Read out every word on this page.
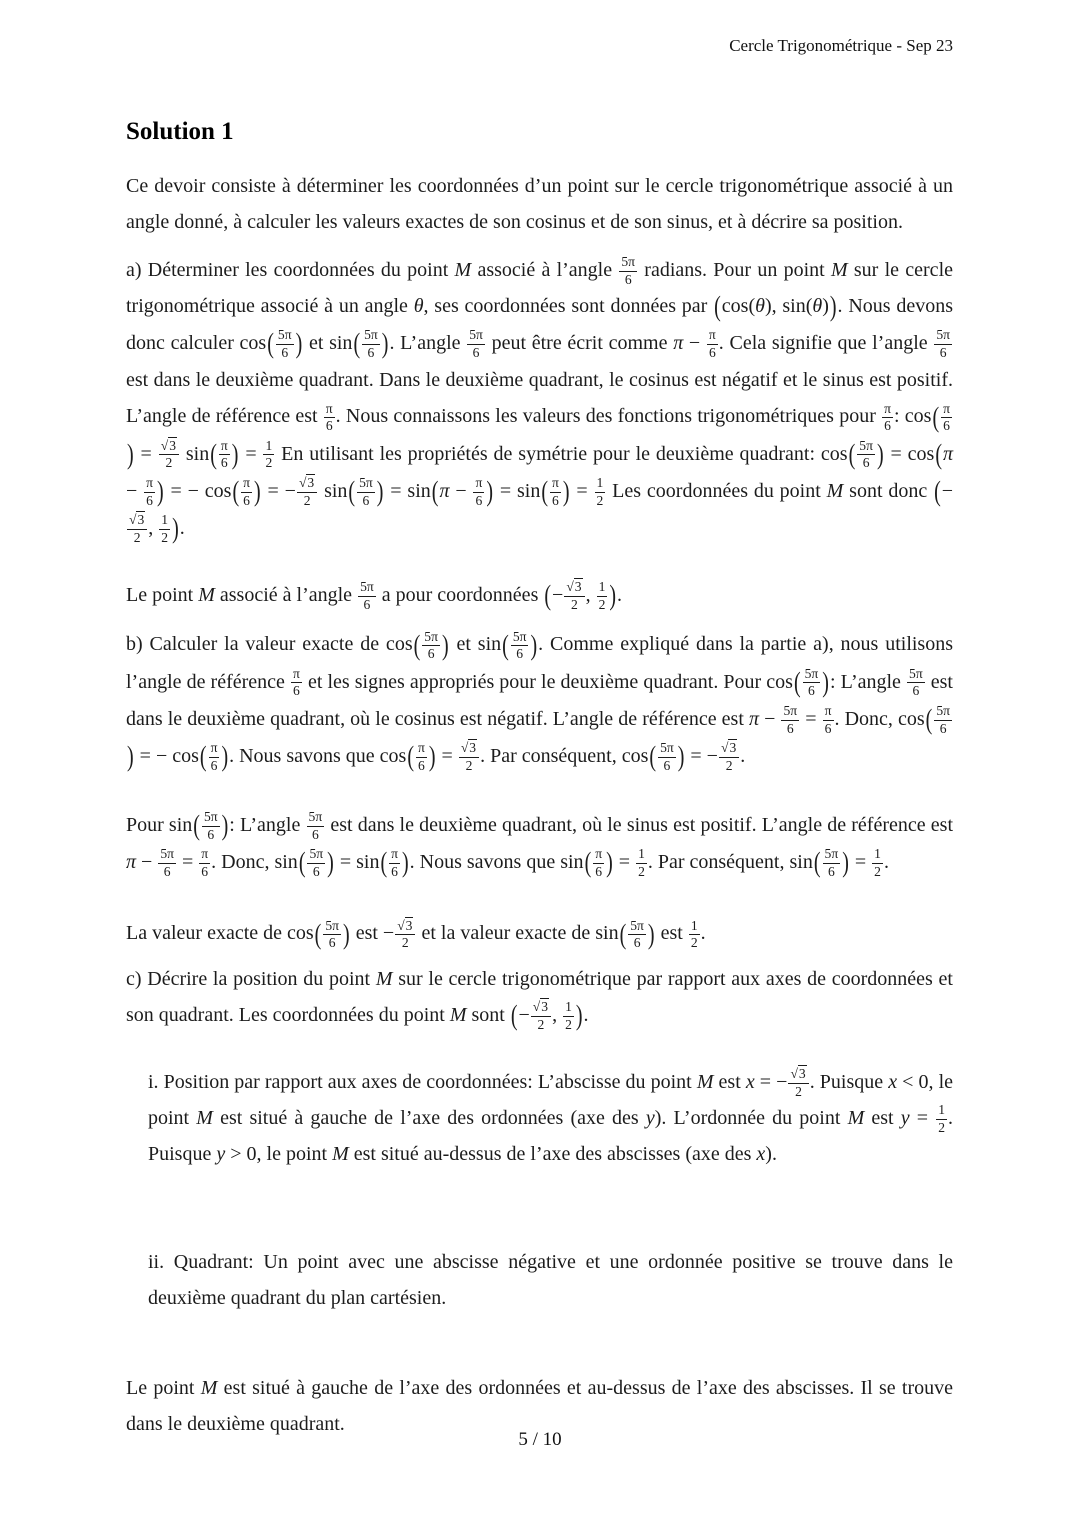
Cercle Trigonométrique - Sep 23
Solution 1

Ce devoir consiste à déterminer les coordonnées d’un point sur le cercle trigonométrique associé à un angle donné, à calculer les valeurs exactes de son cosinus et de son sinus, et à décrire sa position.

a) Déterminer les coordonnées du point M associé à l’angle $\frac{5\pi}{6}$ radians. Pour un point M sur le cercle trigonométrique associé à un angle θ, ses coordonnées sont données par (cos(θ), sin(θ)). Nous devons donc calculer $\cos( \frac{5\pi}{6}$ ) et $\sin( \frac{5\pi}{6}$ ). L’angle $\frac{5\pi}{6}$ peut être écrit comme $\pi - \frac{\pi}{6}$ . Cela signifie que l’angle $\frac{5\pi}{6}$
est dans le deuxième quadrant. Dans le deuxième quadrant, le cosinus est négatif et le sinus est positif. L’angle de référence est $\frac{\pi}{6}$ . Nous connaissons les valeurs des fonctions trigonométriques pour $\frac{\pi}{6}$ : $\cos( \frac{\pi}{6}$
) = $\frac{√3}{2} \sin( \frac{\pi}{6}$ ) = $\frac{1}{2}$ En utilisant les propriétés de symétrie pour le deuxième quadrant: $\cos( \frac{5\pi}{6}$ ) = $\cos(\pi - \frac{\pi}{6}$ ) = − $\cos( \frac{\pi}{6}$ ) = − $\frac{√3}{2} \sin( \frac{5\pi}{6}$ ) = $\sin(\pi - \frac{\pi}{6}$ ) = $\sin( \frac{\pi}{6}$ ) = $\frac{1}{2}$ Les coordonnées du point M sont donc (−
$\frac{√3}{2}$ , $\frac{1}{2}$ ).

Le point M associé à l’angle $\frac{5\pi}{6}$ a pour coordonnées (− $\frac{√3}{2}$ , $\frac{1}{2}$ ).

b) Calculer la valeur exacte de $\cos( \frac{5\pi}{6}$ ) et $\sin( \frac{5\pi}{6}$ ). Comme expliqué dans la partie a), nous utilisons l’angle de référence $\frac{\pi}{6}$ et les signes appropriés pour le deuxième quadrant. Pour $\cos( \frac{5\pi}{6}$ ): L’angle $\frac{5\pi}{6}$ est dans le deuxième quadrant, où le cosinus est négatif. L’angle de référence est $\pi - \frac{5\pi}{6} = \frac{\pi}{6}$ . Donc, $\cos( \frac{5\pi}{6}$
) = − $\cos( \frac{\pi}{6}$ ). Nous savons que $\cos( \frac{\pi}{6}$ ) = $\frac{√3}{2}$ . Par conséquent, $\cos( \frac{5\pi}{6}$ ) = − $\frac{√3}{2}$ .

Pour $\sin( \frac{5\pi}{6}$ ): L’angle $\frac{5\pi}{6}$ est dans le deuxième quadrant, où le sinus est positif. L’angle de référence est $\pi - \frac{5\pi}{6} = \frac{\pi}{6}$ . Donc, $\sin( \frac{5\pi}{6}$ ) = $\sin( \frac{\pi}{6}$ ). Nous savons que $\sin( \frac{\pi}{6}$ ) = $\frac{1}{2}$ . Par conséquent, $\sin( \frac{5\pi}{6}$ ) = $\frac{1}{2}$ .

La valeur exacte de $\cos( \frac{5\pi}{6}$ ) est − $\frac{√3}{2}$ et la valeur exacte de $\sin( \frac{5\pi}{6}$ ) est $\frac{1}{2}$ .

c) Décrire la position du point M sur le cercle trigonométrique par rapport aux axes de coordonnées et son quadrant. Les coordonnées du point M sont (− $\frac{√3}{2}$ , $\frac{1}{2}$ ).

i. Position par rapport aux axes de coordonnées: L’abscisse du point M est x = − $\frac{√3}{2}$ . Puisque x < 0, le point M est situé à gauche de l’axe des ordonnées (axe des y). L’ordonnée du point M est $y = \frac{1}{2}$ . Puisque y > 0, le point M est situé au-dessus de l’axe des abscisses (axe des x).

ii. Quadrant: Un point avec une abscisse négative et une ordonnée positive se trouve dans le deuxième quadrant du plan cartésien.

Le point M est situé à gauche de l’axe des ordonnées et au-dessus de l’axe des abscisses. Il se trouve dans le deuxième quadrant.

5 / 10
